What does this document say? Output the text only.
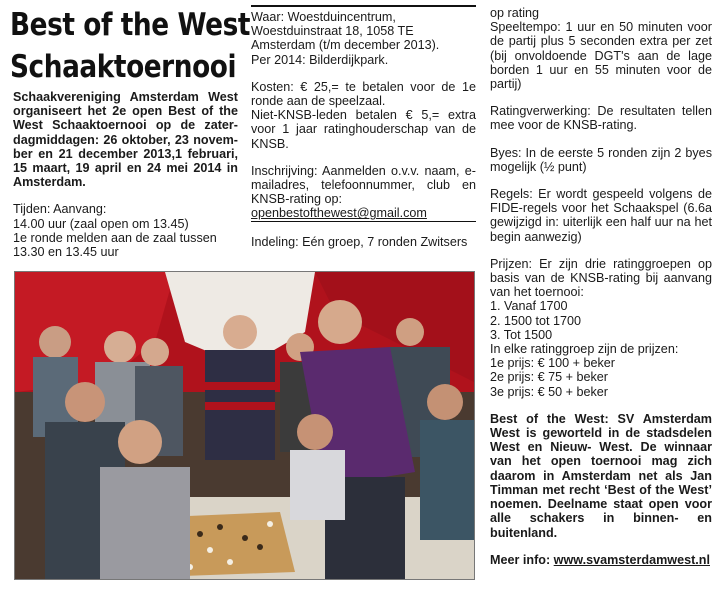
Best of the West
Schaaktoernooi

Schaakvereniging Amsterdam West organiseert het 2e open Best of the West Schaaktoernooi op de zater-dagmiddagen: 26 oktober, 23 novem-ber en 21 december 2013,1 februari, 15 maart, 19 april en 24 mei 2014 in Amsterdam.

Tijden: Aanvang:

14.00 uur (zaal open om 13.45)

1e ronde melden aan de zaal tussen 13.30 en 13.45 uur

Waar: Woestduincentrum,

Woestduinstraat 18, 1058 TE

Amsterdam (t/m december 2013).

Per 2014: Bilderdijkpark.

Kosten: € 25,= te betalen voor de 1e ronde aan de speelzaal.

Niet-KNSB-leden betalen € 5,= extra voor 1 jaar ratinghouderschap van de KNSB.

Inschrijving: Aanmelden o.v.v. naam, e-mailadres, telefoonnummer, club en KNSB-rating op:

openbestofthewest@gmail.com

Indeling: Eén groep, 7 ronden Zwitsers

op rating

Speeltempo: 1 uur en 50 minuten voor de partij plus 5 seconden extra per zet (bij onvoldoende DGT's aan de lage borden 1 uur en 55 minuten voor de partij)

Ratingverwerking: De resultaten tellen mee voor de KNSB-rating.

Byes: In de eerste 5 ronden zijn 2 byes mogelijk (½ punt)

Regels: Er wordt gespeeld volgens de FIDE-regels voor het Schaakspel (6.6a gewijzigd in: uiterlijk een half uur na het begin aanwezig)

Prijzen: Er zijn drie ratinggroepen op basis van de KNSB-rating bij aanvang van het toernooi:

1. Vanaf 1700

2. 1500 tot 1700

3. Tot 1500

In elke ratinggroep zijn de prijzen:

1e prijs: € 100 + beker

2e prijs: € 75 + beker

3e prijs: € 50 + beker

Best of the West: SV Amsterdam West is geworteld in de stadsdelen West en Nieuw- West. De winnaar van het open toernooi mag zich daarom in Amsterdam net als Jan Timman met recht ‘Best of the West’ noemen. Deelname staat open voor alle schakers in binnen- en buitenland.

Meer info: www.svamsterdamwest.nl
